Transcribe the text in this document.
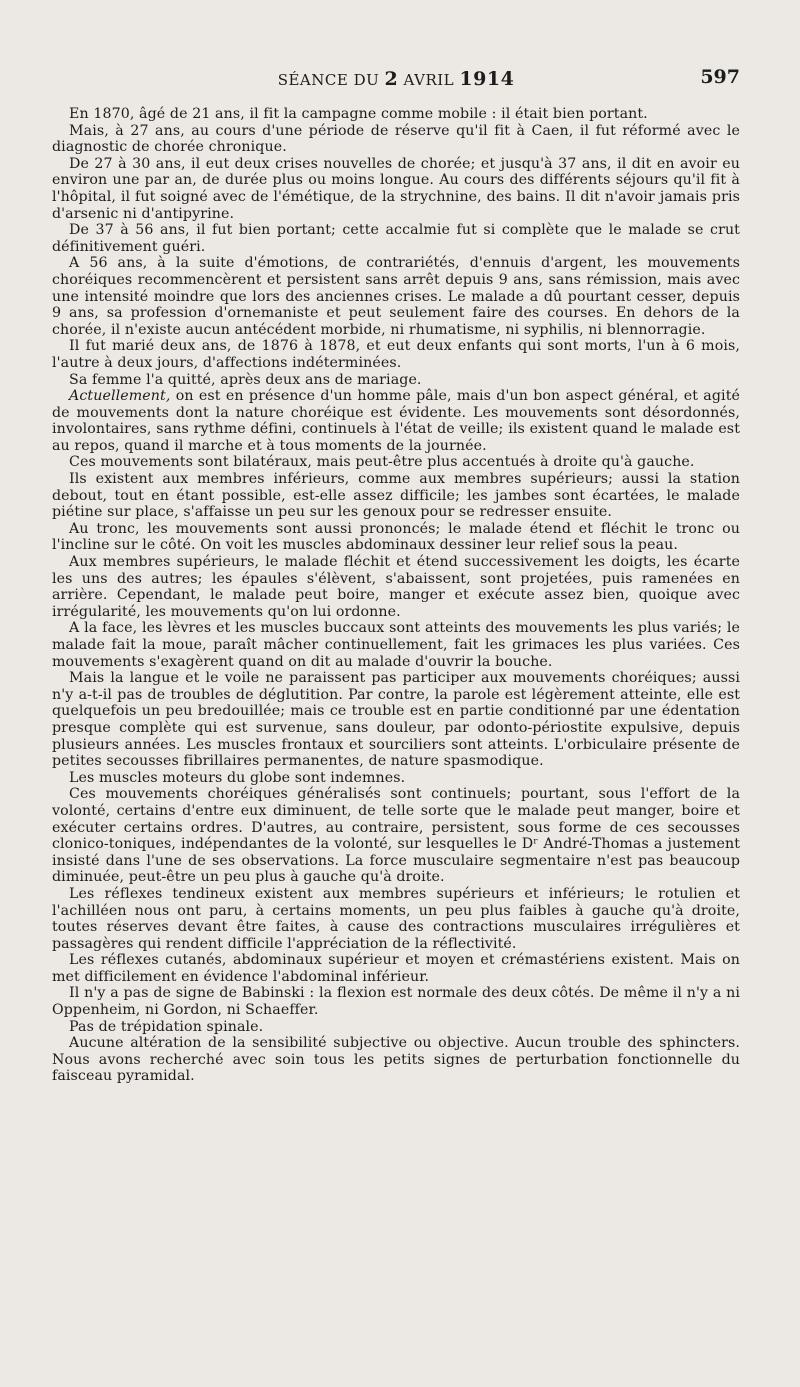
SÉANCE DU 2 AVRIL 1914	597

En 1870, âgé de 21 ans, il fit la campagne comme mobile : il était bien portant.

Mais, à 27 ans, au cours d'une période de réserve qu'il fit à Caen, il fut réformé avec le diagnostic de chorée chronique.

De 27 à 30 ans, il eut deux crises nouvelles de chorée; et jusqu'à 37 ans, il dit en avoir eu environ une par an, de durée plus ou moins longue. Au cours des différents séjours qu'il fit à l'hôpital, il fut soigné avec de l'émétique, de la strychnine, des bains. Il dit n'avoir jamais pris d'arsenic ni d'antipyrine.

De 37 à 56 ans, il fut bien portant; cette accalmie fut si complète que le malade se crut définitivement guéri.

A 56 ans, à la suite d'émotions, de contrariétés, d'ennuis d'argent, les mouvements choréiques recommencèrent et persistent sans arrêt depuis 9 ans, sans rémission, mais avec une intensité moindre que lors des anciennes crises. Le malade a dû pourtant cesser, depuis 9 ans, sa profession d'ornemaniste et peut seulement faire des courses. En dehors de la chorée, il n'existe aucun antécédent morbide, ni rhumatisme, ni syphilis, ni blennorragie.

Il fut marié deux ans, de 1876 à 1878, et eut deux enfants qui sont morts, l'un à 6 mois, l'autre à deux jours, d'affections indéterminées.

Sa femme l'a quitté, après deux ans de mariage.

Actuellement, on est en présence d'un homme pâle, mais d'un bon aspect général, et agité de mouvements dont la nature choréique est évidente. Les mouvements sont désordonnés, involontaires, sans rythme défini, continuels à l'état de veille; ils existent quand le malade est au repos, quand il marche et à tous moments de la journée.

Ces mouvements sont bilatéraux, mais peut-être plus accentués à droite qu'à gauche.

Ils existent aux membres inférieurs, comme aux membres supérieurs; aussi la station debout, tout en étant possible, est-elle assez difficile; les jambes sont écartées, le malade piétine sur place, s'affaisse un peu sur les genoux pour se redresser ensuite.

Au tronc, les mouvements sont aussi prononcés; le malade étend et fléchit le tronc ou l'incline sur le côté. On voit les muscles abdominaux dessiner leur relief sous la peau.

Aux membres supérieurs, le malade fléchit et étend successivement les doigts, les écarte les uns des autres; les épaules s'élèvent, s'abaissent, sont projetées, puis ramenées en arrière. Cependant, le malade peut boire, manger et exécute assez bien, quoique avec irrégularité, les mouvements qu'on lui ordonne.

A la face, les lèvres et les muscles buccaux sont atteints des mouvements les plus variés; le malade fait la moue, paraît mâcher continuellement, fait les grimaces les plus variées. Ces mouvements s'exagèrent quand on dit au malade d'ouvrir la bouche.

Mais la langue et le voile ne paraissent pas participer aux mouvements choréiques; aussi n'y a-t-il pas de troubles de déglutition. Par contre, la parole est légèrement atteinte, elle est quelquefois un peu bredouillée; mais ce trouble est en partie conditionné par une édentation presque complète qui est survenue, sans douleur, par odonto-périostite expulsive, depuis plusieurs années. Les muscles frontaux et sourciliers sont atteints. L'orbiculaire présente de petites secousses fibrillaires permanentes, de nature spasmodique.

Les muscles moteurs du globe sont indemnes.

Ces mouvements choréiques généralisés sont continuels; pourtant, sous l'effort de la volonté, certains d'entre eux diminuent, de telle sorte que le malade peut manger, boire et exécuter certains ordres. D'autres, au contraire, persistent, sous forme de ces secousses clonico-toniques, indépendantes de la volonté, sur lesquelles le Dʳ André-Thomas a justement insisté dans l'une de ses observations. La force musculaire segmentaire n'est pas beaucoup diminuée, peut-être un peu plus à gauche qu'à droite.

Les réflexes tendineux existent aux membres supérieurs et inférieurs; le rotulien et l'achilléen nous ont paru, à certains moments, un peu plus faibles à gauche qu'à droite, toutes réserves devant être faites, à cause des contractions musculaires irrégulières et passagères qui rendent difficile l'appréciation de la réflectivité.

Les réflexes cutanés, abdominaux supérieur et moyen et crémastériens existent. Mais on met difficilement en évidence l'abdominal inférieur.

Il n'y a pas de signe de Babinski : la flexion est normale des deux côtés. De même il n'y a ni Oppenheim, ni Gordon, ni Schaeffer.

Pas de trépidation spinale.

Aucune altération de la sensibilité subjective ou objective. Aucun trouble des sphincters. Nous avons recherché avec soin tous les petits signes de perturbation fonctionnelle du faisceau pyramidal.
